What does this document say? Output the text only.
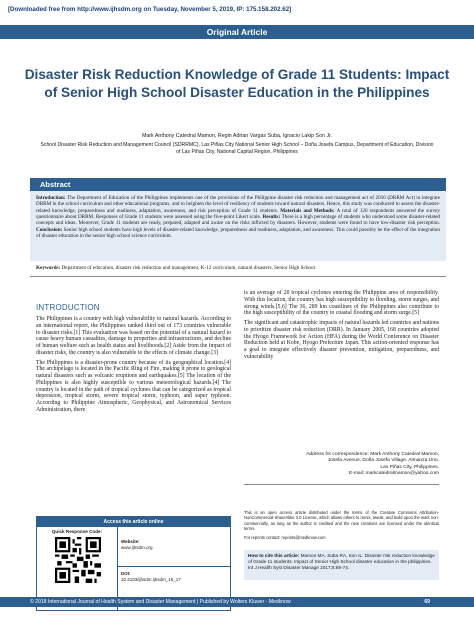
[Downloaded free from http://www.ijhsdm.org on Tuesday, November 5, 2019, IP: 175.158.202.62]
Original Article
Disaster Risk Reduction Knowledge of Grade 11 Students: Impact of Senior High School Disaster Education in the Philippines
Mark Anthony Catedral Mamon, Regin Adrian Vargas Suba, Ignacio Lakip Son Jr.
School Disaster Risk Reduction and Management Council (SDRRMC), Las Piñas City National Senior High School – Doña Josefa Campus, Department of Education, Division of Las Piñas City, National Capital Region, Philippines
Abstract
Introduction: The Department of Education of the Philippines implements one of the provisions of the Philippine disaster risk reduction and management act of 2010 (DRRM Act) to integrate DRRM in the school curriculum and other educational programs, and to heighten the level of resiliency of students toward natural disasters. Hence, this study was conducted to assess the disaster-related knowledge, preparedness and readiness, adaptation, awareness, and risk perception of Grade 11 students. Materials and Methods: A total of 120 respondents answered the survey questionnaire about DRRM. Responses of Grade 11 students were assessed using the five-point Likert scale. Results: There is a high percentage of students who understood some disaster-related concepts and ideas. Moreover, Grade 11 students are ready, prepared, adapted and aware on the risks inflicted by disasters. However, students were found to have low-disaster risk perception. Conclusion: Senior high school students have high levels of disaster-related knowledge, preparedness and readiness, adaptation, and awareness. This could possibly be the effect of the integration of disaster education in the senior high school science curriculum.
Keywords: Department of education, disaster risk reduction and management, K-12 curriculum, natural disasters, Senior High School
INTRODUCTION

The Philippines is a country with high vulnerability to natural hazards. According to an international report, the Philippines ranked third out of 173 countries vulnerable to disaster risks.[1] This evaluation was based on the potential of a natural hazard to cause heavy human casualties, damage to properties and infrastructures, and decline of human welfare such as health status and livelihoods.[2] Aside from the impact of disaster risks, the country is also vulnerable to the effects of climate change.[3]

The Philippines is a disaster-prone country because of its geographical location.[4] The archipelago is located in the Pacific Ring of Fire, making it prone to geological natural disasters such as volcanic eruptions and earthquakes.[5] The location of the Philippines is also highly susceptible to various meteorological hazards.[4] The country is located in the path of tropical cyclones that can be categorized as tropical depression, tropical storm, severe tropical storm, typhoon, and super typhoon. According to Philippine Atmospheric, Geophysical, and Astronomical Services Administration, there

is an average of 20 tropical cyclones entering the Philippine area of responsibility. With this location, the country has high susceptibility to flooding, storm surges, and strong winds.[5,6] The 36, 289 km coastlines of the Philippines also contribute to the high susceptibility of the country to coastal flooding and storm surge.[5]

The significant and catastrophic impacts of natural hazards led countries and nations to prioritize disaster risk reduction (DRR). In January 2005, 168 countries adopted the Hyogo Framework for Action (HFA) during the World Conference on Disaster Reduction held at Kobe, Hyogo Prefecture Japan. This action-oriented response has a goal to integrate effectively disaster prevention, mitigation, preparedness, and vulnerability

Access this article online
Quick Response Code:
Website:
www.ijhsdm.org
DOI:
10.4103/ijhsdm.ijhsdm_16_17
Address for correspondence: Mark Anthony Catedral Mamon,
Josefa Avenue, Doña Josefa Village, Almanza Uno,
Las Piñas City, Philippines.
E-mail: markcatedralmamon@yahoo.com
This is an open access article distributed under the terms of the Creative Commons Attribution-NonCommercial-ShareAlike 3.0 License, which allows others to remix, tweak, and build upon the work non-commercially, as long as the author is credited and the new creations are licensed under the identical terms.
For reprints contact: reprints@medknow.com
How to cite this article: Mamon MA, Suba RA, Son IL. Disaster risk reduction knowledge of Grade 11 students: Impact of Senior High School disaster education in the philippines. Int J Health Syst Disaster Manage 2017;5:69-74.
© 2018 International Journal of Health System and Disaster Management | Published by Wolters Kluwer - Medknow	69
